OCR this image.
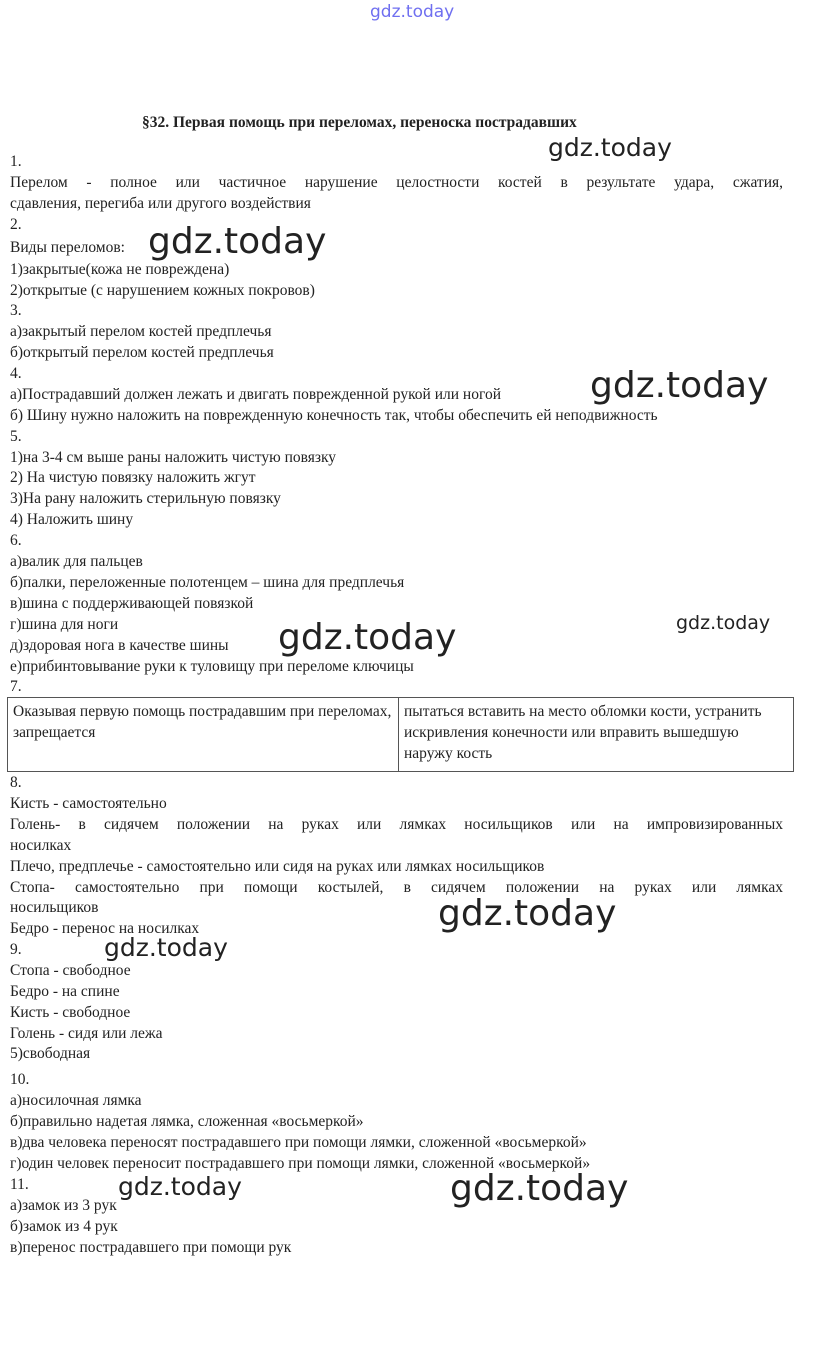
gdz.today
§32. Первая помощь при переломах, переноска пострадавших
gdz.today
1.
Перелом - полное или частичное нарушение целостности костей в результате удара, сжатия,
сдавления, перегиба или другого воздействия
2.
Виды переломов: gdz.today
1)закрытые(кожа не повреждена)
2)открытые (с нарушением кожных покровов)
3.
а)закрытый перелом костей предплечья
б)открытый перелом костей предплечья
4.
а)Пострадавший должен лежать и двигать поврежденной рукой или ногой gdz.today
б) Шину нужно наложить на поврежденную конечность так, чтобы обеспечить ей неподвижность
5.
1)на 3-4 см выше раны наложить чистую повязку
2) На чистую повязку наложить жгут
3)На рану наложить стерильную повязку
4) Наложить шину
6.
а)валик для пальцев
б)палки, переложенные полотенцем – шина для предплечья
в)шина с поддерживающей повязкой
г)шина для ноги	gdz.today
д)здоровая нога в качестве шины gdz.today
е)прибинтовывание руки к туловищу при переломе ключицы
7.
Оказывая первую помощь пострадавшим при переломах, запрещается	пытаться вставить на место обломки кости, устранить искривления конечности или вправить вышедшую наружу кость
8.
Кисть - самостоятельно
Голень- в сидячем положении на руках или лямках носильщиков или на импровизированных
носилках
Плечо, предплечье - самостоятельно или сидя на руках или лямках носильщиков
Стопа- самостоятельно при помощи костылей, в сидячем положении на руках или лямках
носильщиков	gdz.today
Бедро - перенос на носилках
9.	gdz.today
Стопа - свободное
Бедро - на спине
Кисть - свободное
Голень - сидя или лежа
5)свободная
10.
а)носилочная лямка
б)правильно надетая лямка, сложенная «восьмеркой»
в)два человека переносят пострадавшего при помощи лямки, сложенной «восьмеркой»
г)один человек переносит пострадавшего при помощи лямки, сложенной «восьмеркой»
11.	gdz.today	gdz.today
а)замок из 3 рук
б)замок из 4 рук
в)перенос пострадавшего при помощи рук
